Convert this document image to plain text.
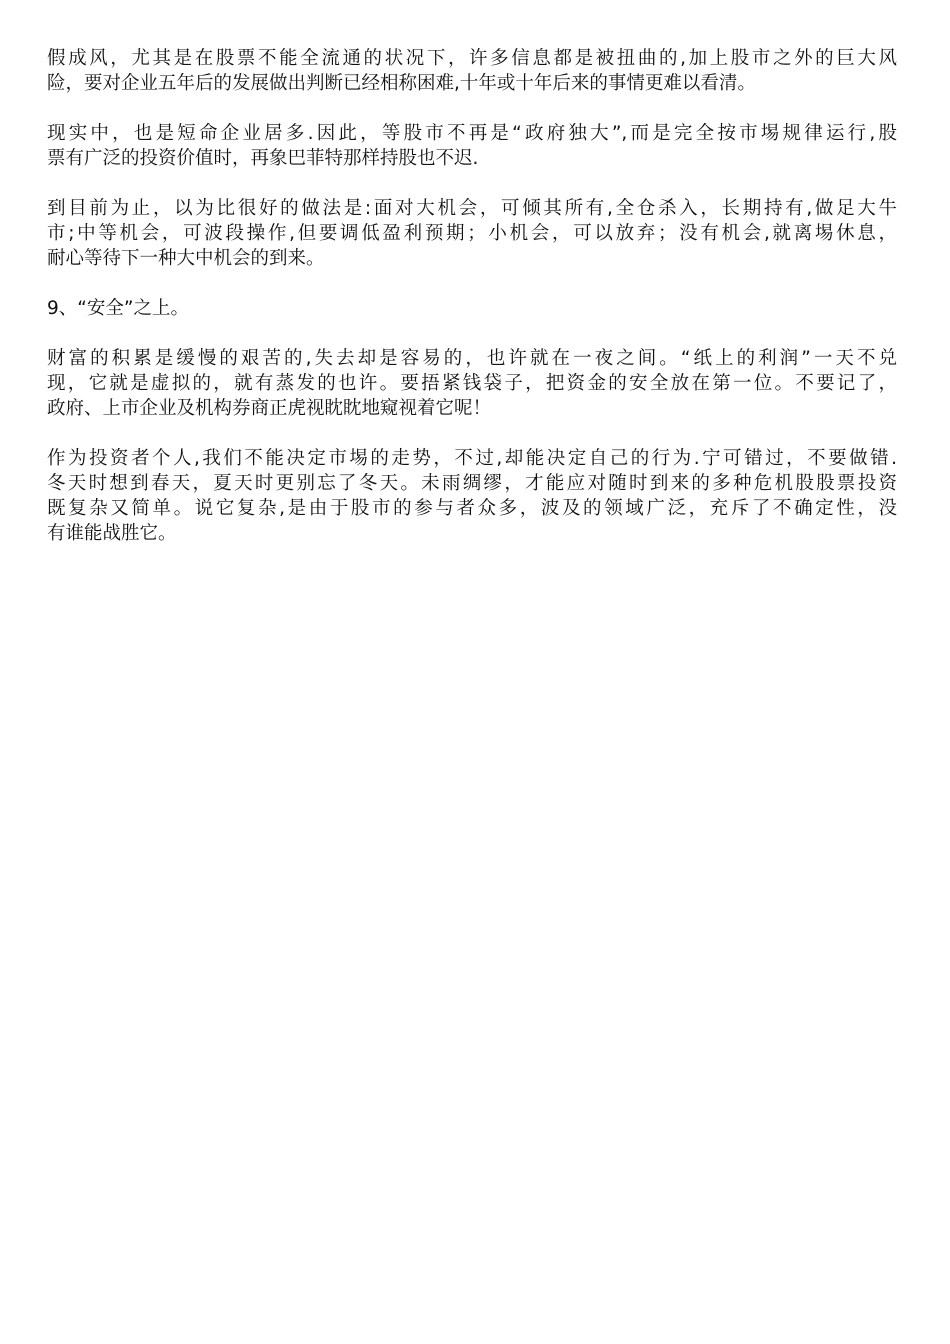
假成风，尤其是在股票不能全流通的状况下，许多信息都是被扭曲的,加上股市之外的巨大风
险，要对企业五年后的发展做出判断已经相称困难,十年或十年后来的事情更难以看清。
现实中，也是短命企业居多.因此，等股市不再是“政府独大”,而是完全按市埸规律运行,股
票有广泛的投资价值时，再象巴菲特那样持股也不迟.
到目前为止，以为比很好的做法是:面对大机会，可倾其所有,全仓杀入，长期持有,做足大牛
市;中等机会，可波段操作,但要调低盈利预期；小机会，可以放弃；没有机会,就离埸休息，
耐心等待下一种大中机会的到来。
9、“安全”之上。
财富的积累是缓慢的艰苦的,失去却是容易的，也许就在一夜之间。“纸上的利润”一天不兑
现，它就是虚拟的，就有蒸发的也许。要捂紧钱袋子，把资金的安全放在第一位。不要记了，
政府、上市企业及机构券商正虎视眈眈地窥视着它呢！
作为投资者个人,我们不能决定市埸的走势，不过,却能决定自己的行为.宁可错过，不要做错.
冬天时想到春天，夏天时更别忘了冬天。未雨绸缪，才能应对随时到来的多种危机股股票投资
既复杂又简单。说它复杂,是由于股市的参与者众多，波及的领域广泛，充斥了不确定性，没
有谁能战胜它。
